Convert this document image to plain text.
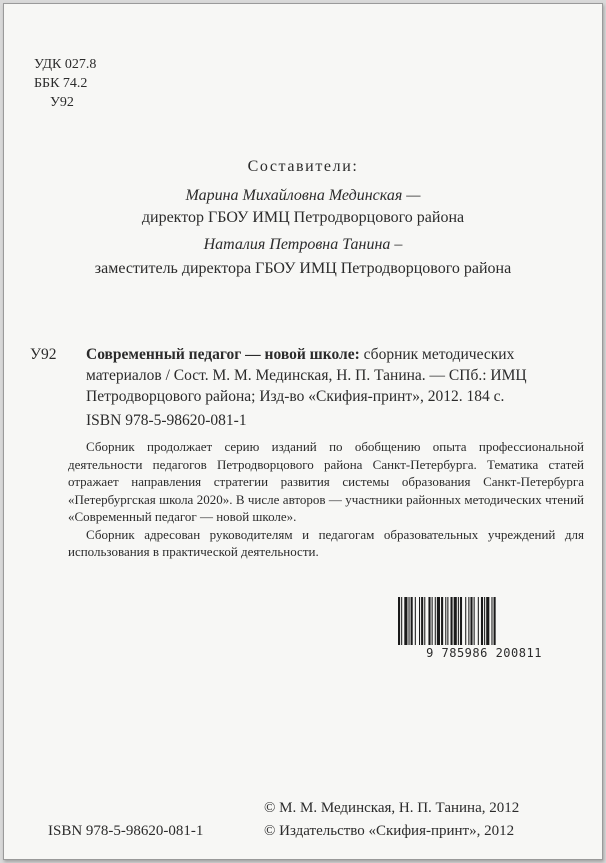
УДК 027.8
ББК 74.2
У92
Составители:
Марина Михайловна Мединская —
директор ГБОУ ИМЦ Петродворцового района
Наталия Петровна Танина –
заместитель директора ГБОУ ИМЦ Петродворцового района
У92 Современный педагог — новой школе: сборник методических
материалов / Сост. М. М. Мединская, Н. П. Танина. — СПб.: ИМЦ
Петродворцового района; Изд-во «Скифия-принт», 2012. 184 с.
ISBN 978-5-98620-081-1

Сборник продолжает серию изданий по обобщению опыта профессиональной деятельности педагогов Петродворцового района Санкт-Петербурга. Тематика статей отражает направления стратегии развития системы образования Санкт-Петербурга «Петербургская школа 2020». В числе авторов — участники районных методических чтений «Современный педагог — новой школе».

Сборник адресован руководителям и педагогам образовательных учреждений для использования в практической деятельности.

9 785986 200811
ISBN 978-5-98620-081-1
© М. М. Мединская, Н. П. Танина, 2012
© Издательство «Скифия-принт», 2012
